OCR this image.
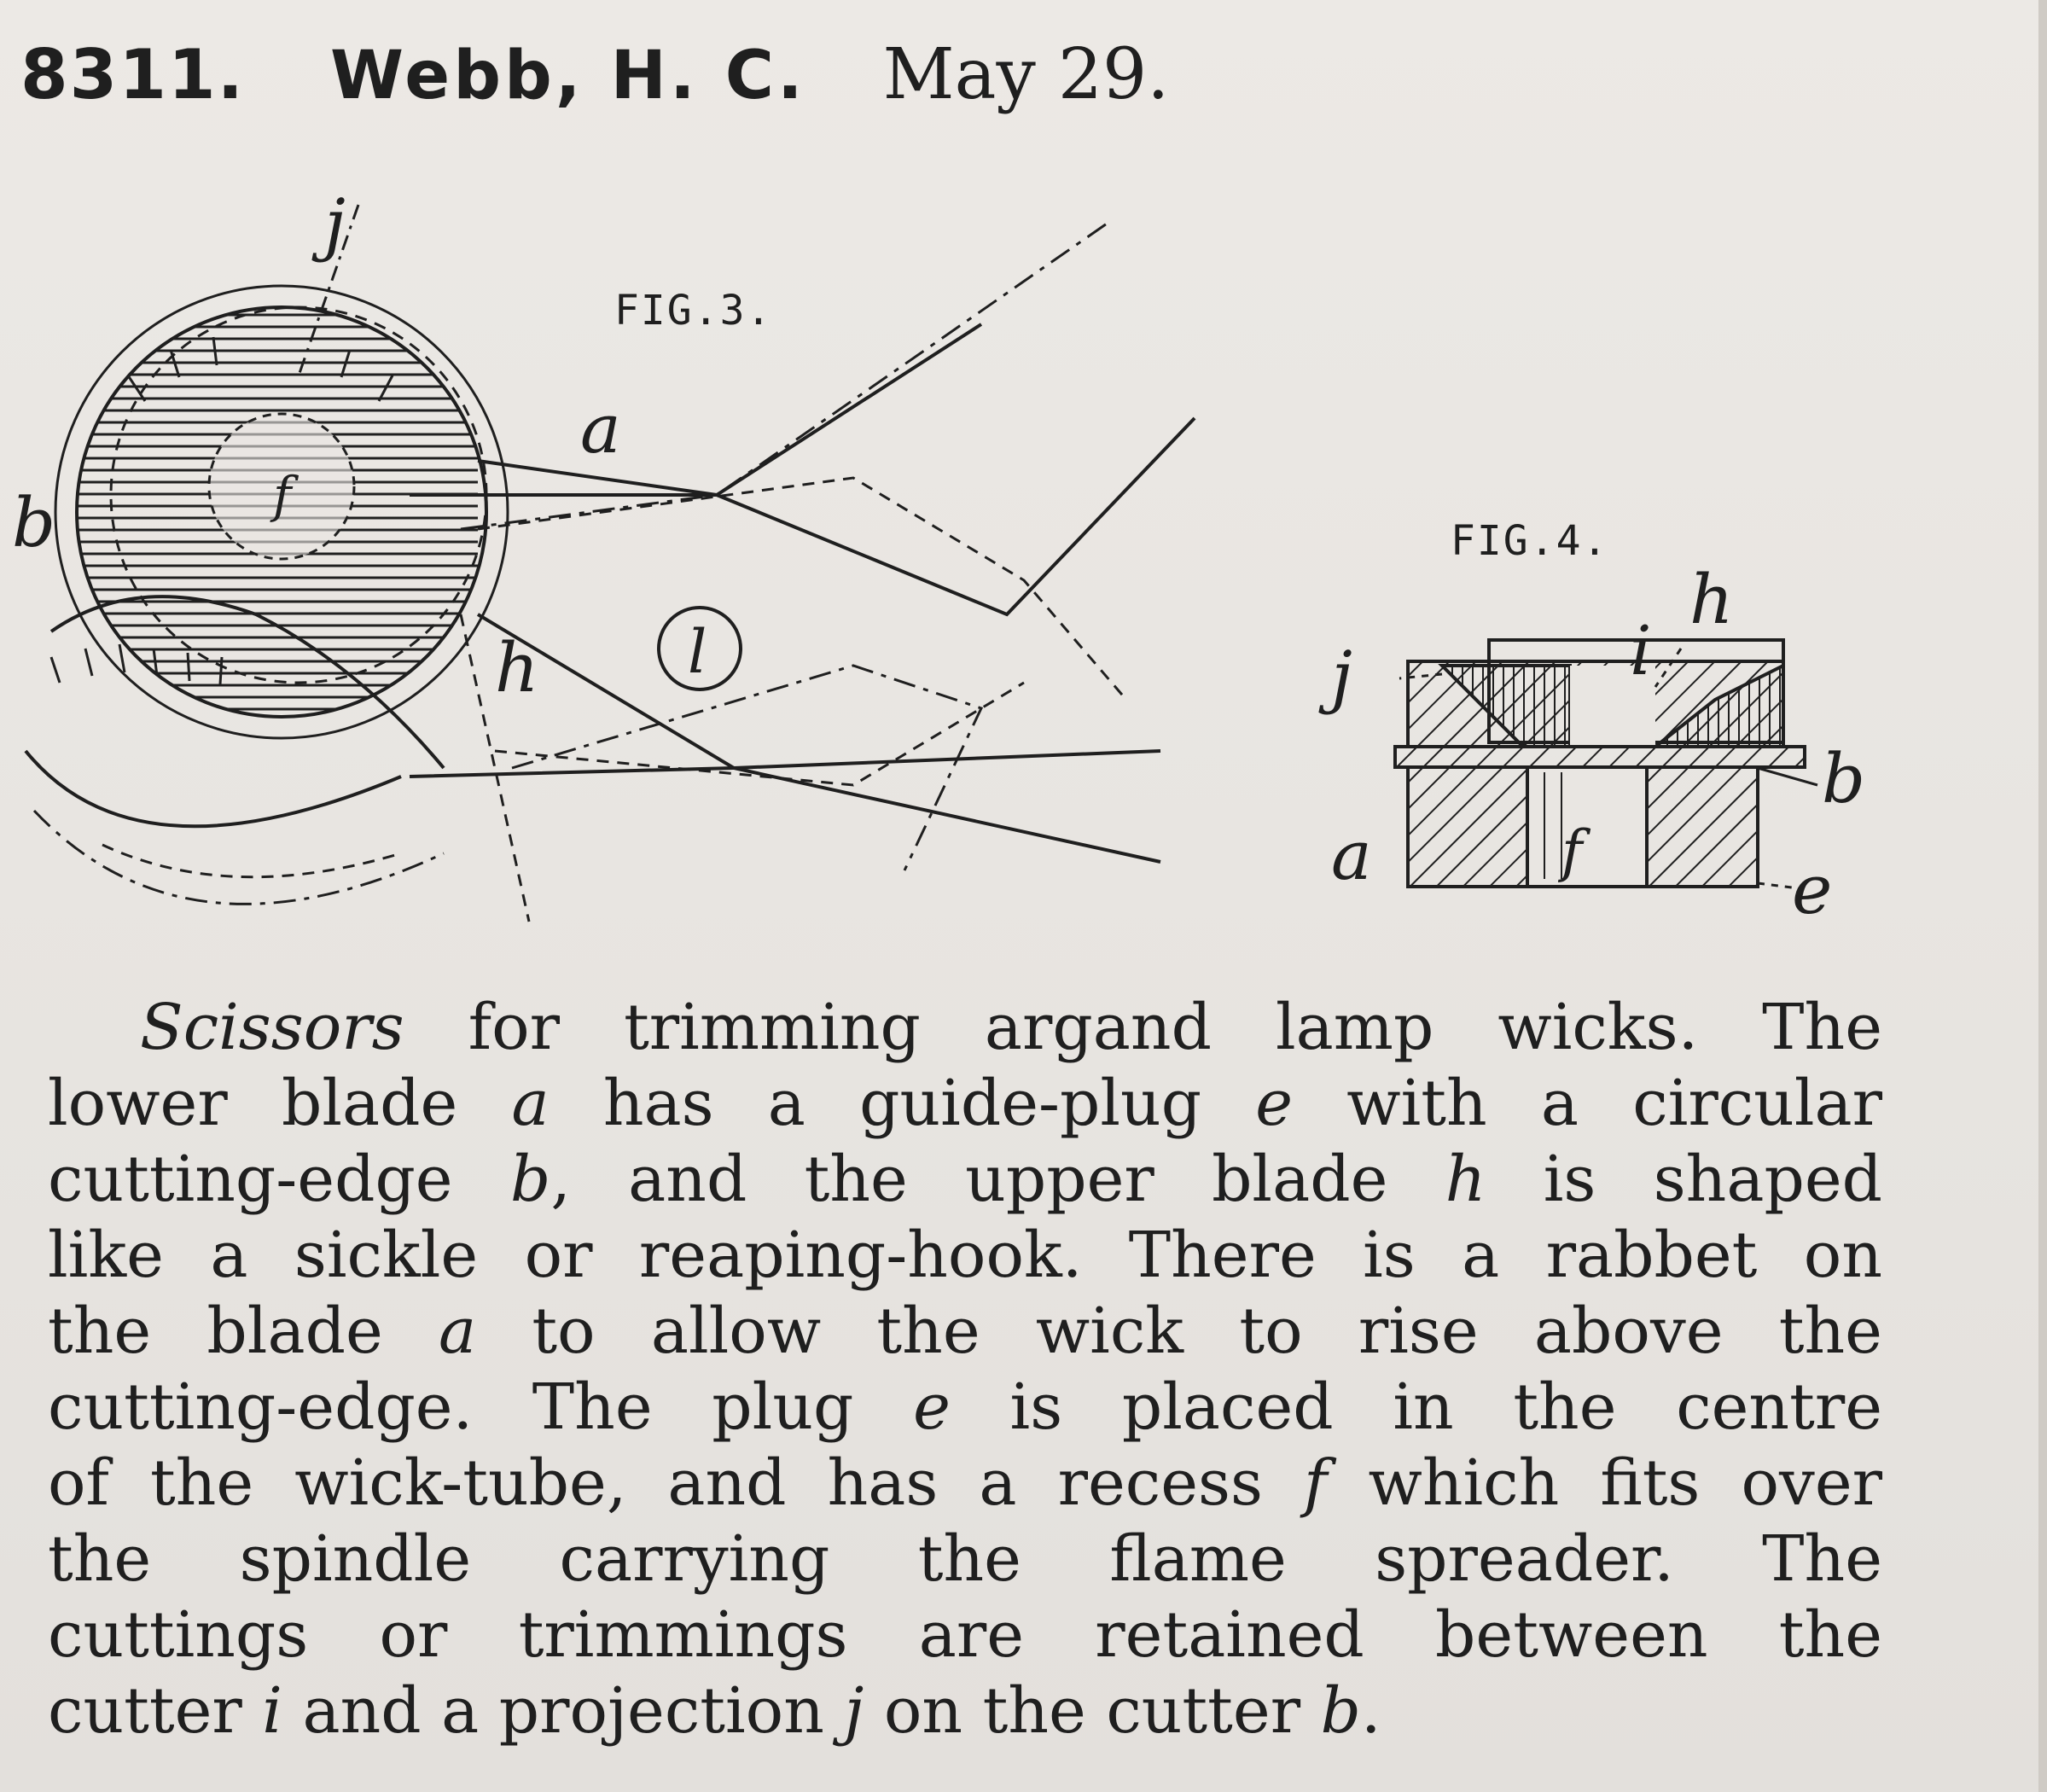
8311. Webb, H. C. May 29.
FIG.3.
j
a
b	f
l
h
FIG.4.
h
j	i
b
a	f	e
Scissors for trimming argand lamp wicks. The
lower blade a has a guide-plug e with a circular
cutting-edge b, and the upper blade h is shaped
like a sickle or reaping-hook. There is a rabbet on
the blade a to allow the wick to rise above the
cutting-edge. The plug e is placed in the centre
of the wick-tube, and has a recess f which fits over
the spindle carrying the flame spreader. The
cuttings or trimmings are retained between the
cutter i and a projection j on the cutter b.
